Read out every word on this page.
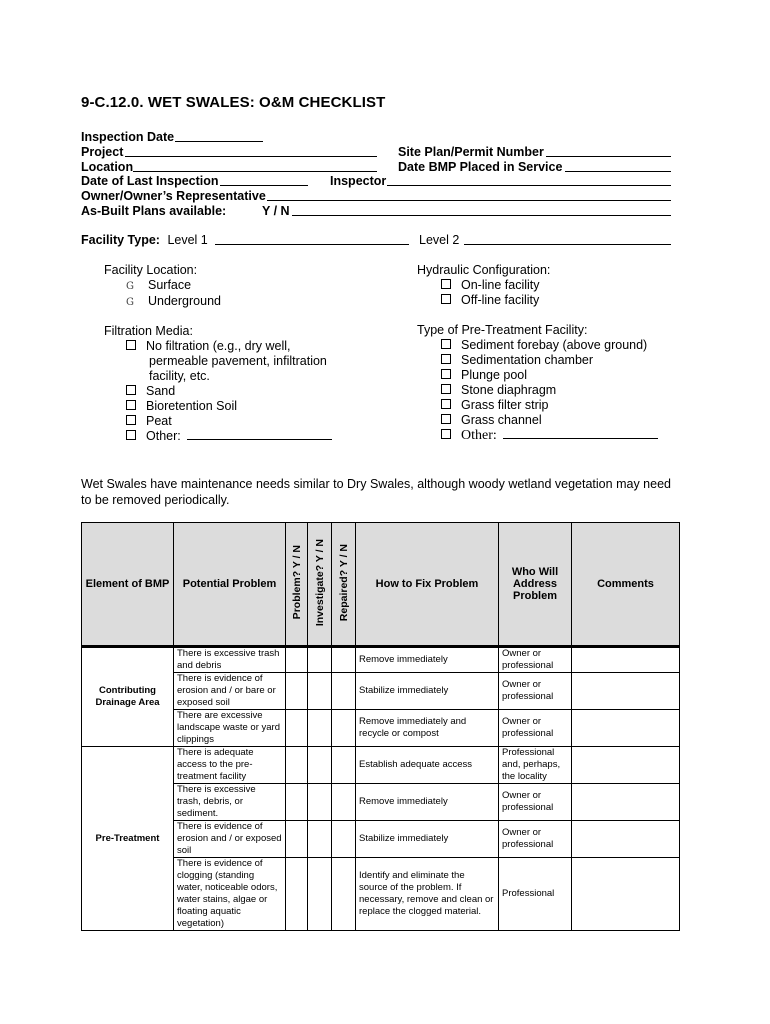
9-C.12.0. WET SWALES: O&M CHECKLIST
Inspection Date
Project
Location
Date of Last Inspection
Owner/Owner’s Representative
As-Built Plans available:	Y / N
Site Plan/Permit Number
Date BMP Placed in Service
Inspector
Facility Type: Level 1	Level 2
Facility Location:
G Surface
G Underground
Hydraulic Configuration:
On-line facility
Off-line facility
Filtration Media:
No filtration (e.g., dry well,
permeable pavement, infiltration
facility, etc.
Sand
Bioretention Soil
Peat
Other:
Type of Pre-Treatment Facility:
Sediment forebay (above ground)
Sedimentation chamber
Plunge pool
Stone diaphragm
Grass filter strip
Grass channel
Other:
Wet Swales have maintenance needs similar to Dry Swales, although woody wetland vegetation may need to be removed periodically.
Element of BMP	Potential Problem	Problem? Y / N	Investigate? Y / N	Repaired? Y / N	How to Fix Problem	Who Will Address Problem	Comments

Contributing Drainage Area	There is excessive trash and debris				Remove immediately	Owner or professional	
	There is evidence of erosion and / or bare or exposed soil				Stabilize immediately	Owner or professional	
	There are excessive landscape waste or yard clippings				Remove immediately and recycle or compost	Owner or professional	
Pre-Treatment	There is adequate access to the pre-treatment facility				Establish adequate access	Professional and, perhaps, the locality	
	There is excessive trash, debris, or sediment.				Remove immediately	Owner or professional	
	There is evidence of erosion and / or exposed soil				Stabilize immediately	Owner or professional	
	There is evidence of clogging (standing water, noticeable odors, water stains, algae or floating aquatic vegetation)				Identify and eliminate the source of the problem. If necessary, remove and clean or replace the clogged material.	Professional	
